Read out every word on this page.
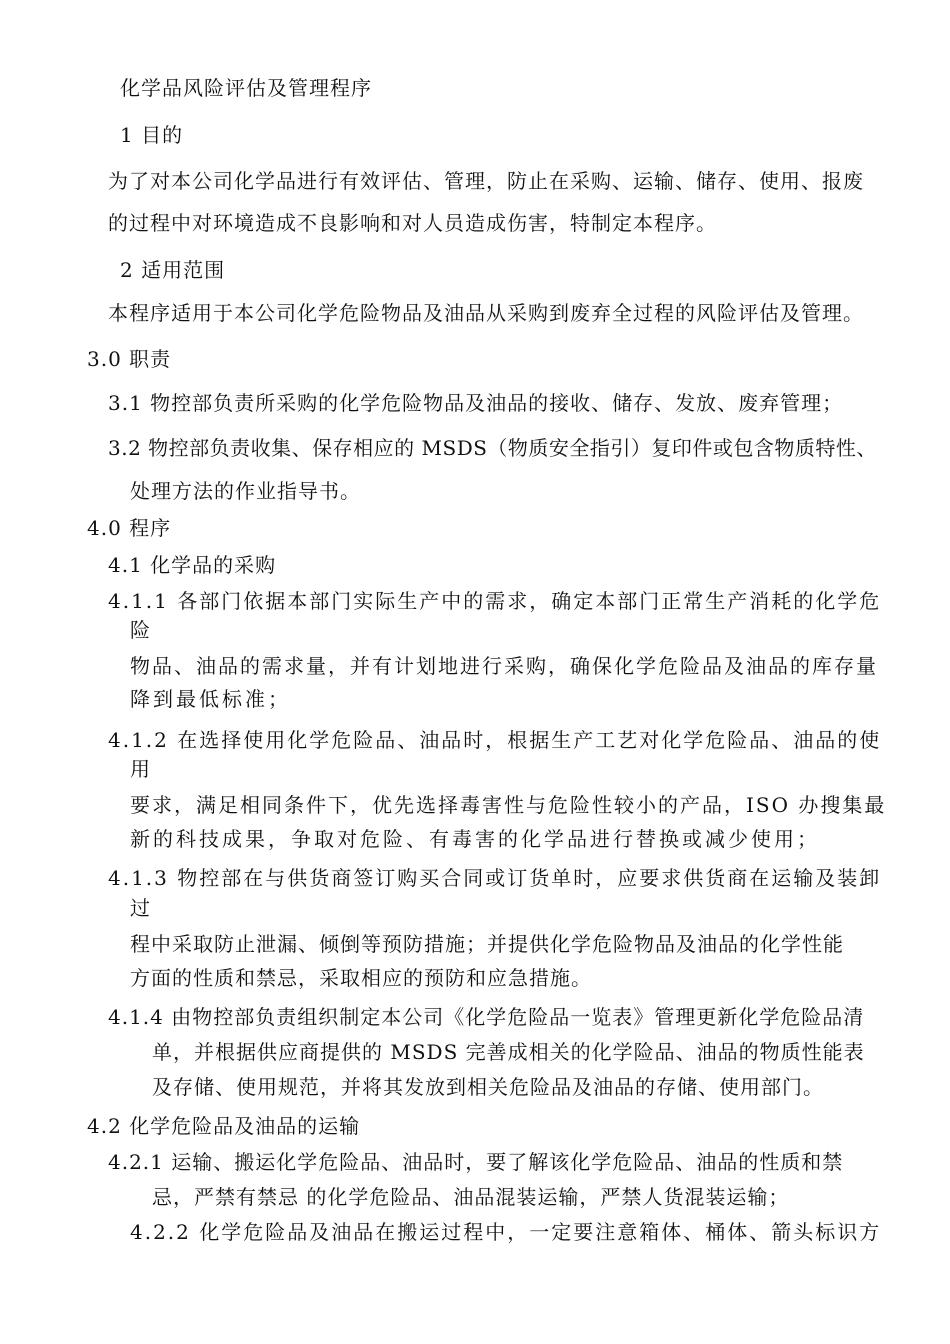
化学品风险评估及管理程序
1 目的
为了对本公司化学品进行有效评估、管理，防止在采购、运输、储存、使用、报废
的过程中对环境造成不良影响和对人员造成伤害，特制定本程序。
2 适用范围
本程序适用于本公司化学危险物品及油品从采购到废弃全过程的风险评估及管理。
3.0 职责
3.1 物控部负责所采购的化学危险物品及油品的接收、储存、发放、废弃管理；
3.2 物控部负责收集、保存相应的 MSDS（物质安全指引）复印件或包含物质特性、
处理方法的作业指导书。
4.0 程序
4.1 化学品的采购
4.1.1 各部门依据本部门实际生产中的需求，确定本部门正常生产消耗的化学危
险
物品、油品的需求量，并有计划地进行采购，确保化学危险品及油品的库存量
降到最低标准；
4.1.2 在选择使用化学危险品、油品时，根据生产工艺对化学危险品、油品的使
用
要求，满足相同条件下，优先选择毒害性与危险性较小的产品，ISO 办搜集最
新的科技成果，争取对危险、有毒害的化学品进行替换或减少使用；
4.1.3 物控部在与供货商签订购买合同或订货单时，应要求供货商在运输及装卸
过
程中采取防止泄漏、倾倒等预防措施；并提供化学危险物品及油品的化学性能
方面的性质和禁忌，采取相应的预防和应急措施。
4.1.4 由物控部负责组织制定本公司《化学危险品一览表》管理更新化学危险品清
单，并根据供应商提供的 MSDS 完善成相关的化学险品、油品的物质性能表
及存储、使用规范，并将其发放到相关危险品及油品的存储、使用部门。
4.2 化学危险品及油品的运输
4.2.1 运输、搬运化学危险品、油品时，要了解该化学危险品、油品的性质和禁
忌，严禁有禁忌 的化学危险品、油品混装运输，严禁人货混装运输；
4.2.2 化学危险品及油品在搬运过程中，一定要注意箱体、桶体、箭头标识方
